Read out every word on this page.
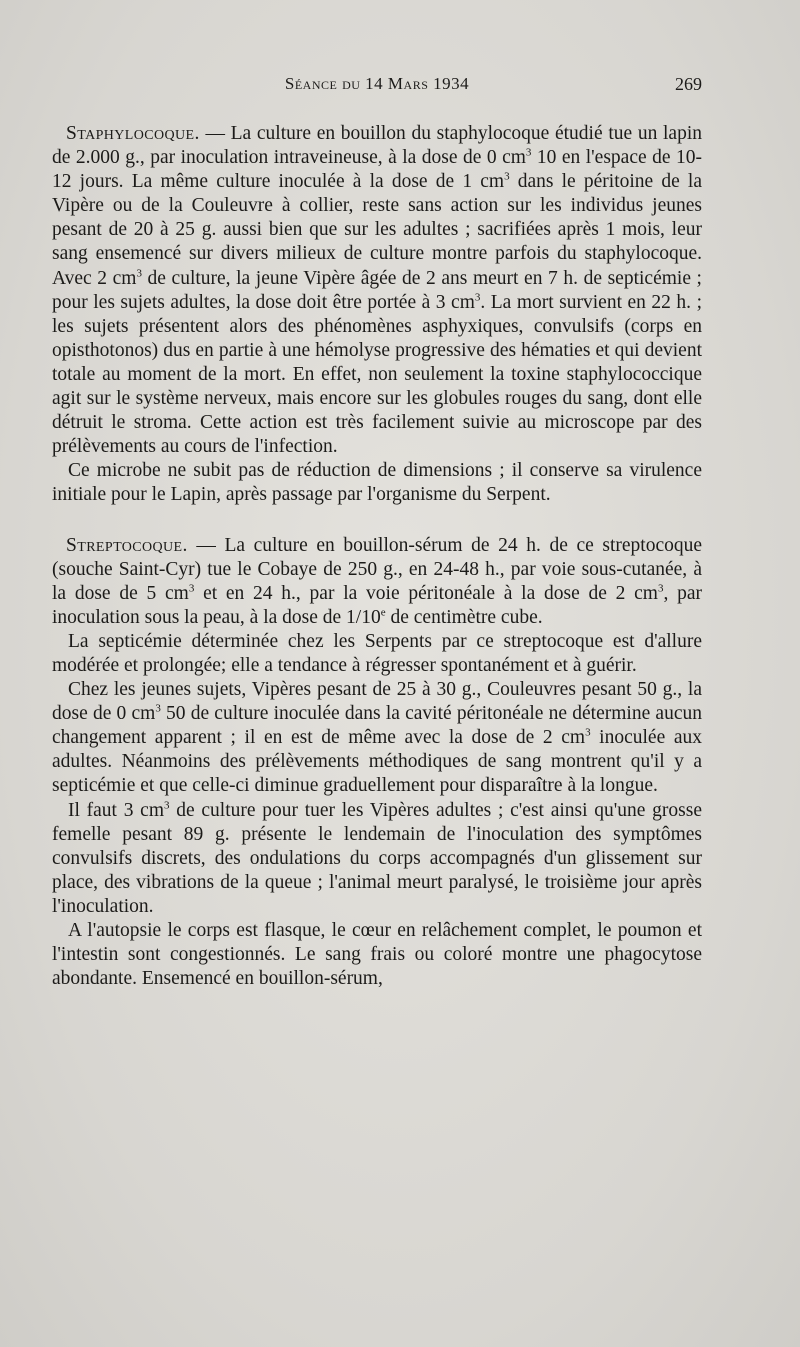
Séance du 14 Mars 1934	269

Staphylocoque. — La culture en bouillon du staphylocoque étudié tue un lapin de 2.000 g., par inoculation intraveineuse, à la dose de 0 $cm^3$ 10 en l'espace de 10-12 jours. La même culture inoculée à la dose de 1 $cm^3$ dans le péritoine de la Vipère ou de la Couleuvre à collier, reste sans action sur les individus jeunes pesant de 20 à 25 g. aussi bien que sur les adultes ; sacrifiées après 1 mois, leur sang ensemencé sur divers milieux de culture montre parfois du staphylocoque. Avec 2 $cm^3$ de culture, la jeune Vipère âgée de 2 ans meurt en 7 h. de septicémie ; pour les sujets adultes, la dose doit être portée à 3 $cm^3$. La mort survient en 22 h. ; les sujets présentent alors des phénomènes asphyxiques, convulsifs (corps en opisthotonos) dus en partie à une hémolyse progressive des hématies et qui devient totale au moment de la mort. En effet, non seulement la toxine staphylococcique agit sur le système nerveux, mais encore sur les globules rouges du sang, dont elle détruit le stroma. Cette action est très facilement suivie au microscope par des prélèvements au cours de l'infection.

Ce microbe ne subit pas de réduction de dimensions ; il conserve sa virulence initiale pour le Lapin, après passage par l'organisme du Serpent.

Streptocoque. — La culture en bouillon-sérum de 24 h. de ce streptocoque (souche Saint-Cyr) tue le Cobaye de 250 g., en 24-48 h., par voie sous-cutanée, à la dose de 5 $cm^3$ et en 24 h., par la voie péritonéale à la dose de 2 $cm^3$, par inoculation sous la peau, à la dose de 1/10e de centimètre cube.

La septicémie déterminée chez les Serpents par ce streptocoque est d'allure modérée et prolongée; elle a tendance à régresser spontanément et à guérir.

Chez les jeunes sujets, Vipères pesant de 25 à 30 g., Couleuvres pesant 50 g., la dose de 0 $cm^3$ 50 de culture inoculée dans la cavité péritonéale ne détermine aucun changement apparent ; il en est de même avec la dose de 2 $cm^3$ inoculée aux adultes. Néanmoins des prélèvements méthodiques de sang montrent qu'il y a septicémie et que celle-ci diminue graduellement pour disparaître à la longue.

Il faut 3 $cm^3$ de culture pour tuer les Vipères adultes ; c'est ainsi qu'une grosse femelle pesant 89 g. présente le lendemain de l'inoculation des symptômes convulsifs discrets, des ondulations du corps accompagnés d'un glissement sur place, des vibrations de la queue ; l'animal meurt paralysé, le troisième jour après l'inoculation.

A l'autopsie le corps est flasque, le cœur en relâchement complet, le poumon et l'intestin sont congestionnés. Le sang frais ou coloré montre une phagocytose abondante. Ensemencé en bouillon-sérum,
